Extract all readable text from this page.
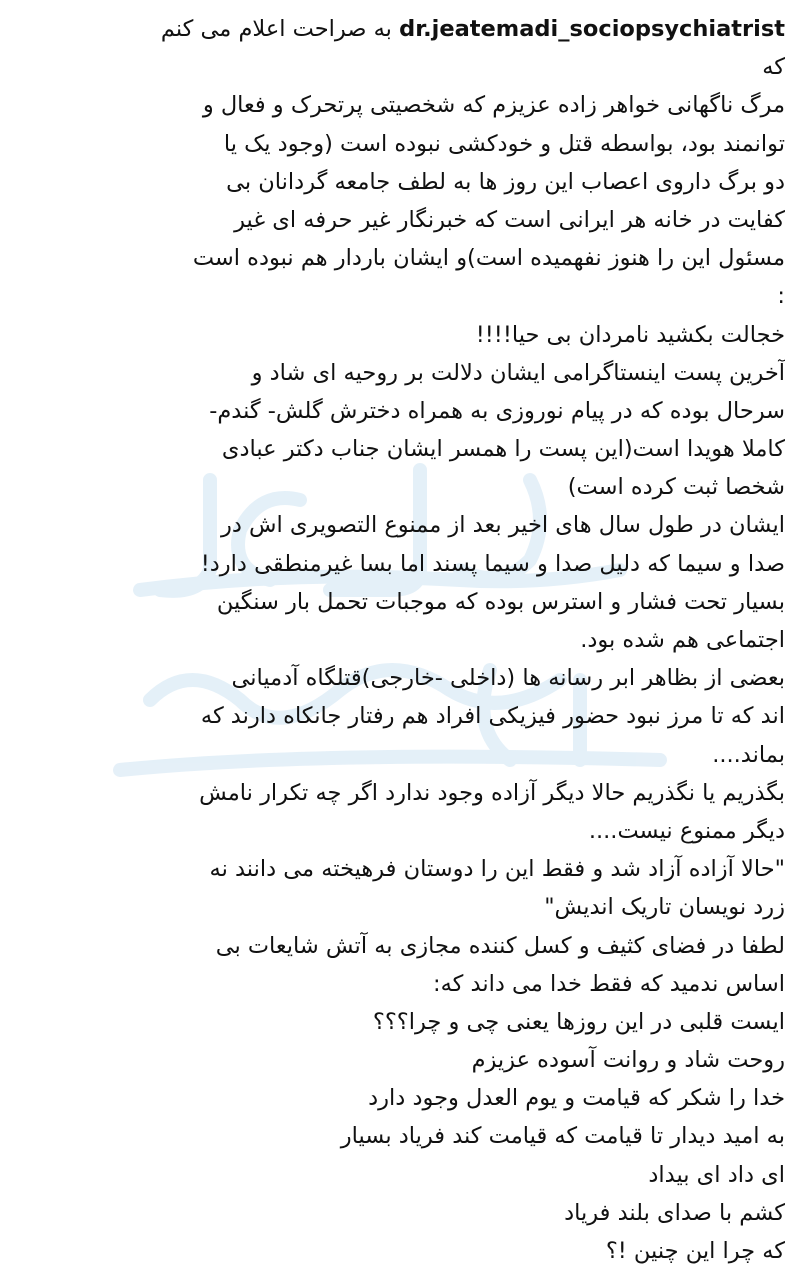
dr.jeatemadi_sociopsychiatrist به صراحت اعلام می کنم
که
مرگ ناگهانی خواهر زاده عزیزم که شخصیتی پرتحرک و فعال و
توانمند بود، بواسطه قتل و خودکشی نبوده است (وجود یک یا
دو برگ داروی اعصاب این روز ها به لطف جامعه گردانان بی
کفایت در خانه هر ایرانی است که خبرنگار غیر حرفه ای غیر
مسئول این را هنوز نفهمیده است)و ایشان باردار هم نبوده است
:
خجالت بکشید نامردان بی حیا!!!!
آخرین پست اینستاگرامی ایشان دلالت بر روحیه ای شاد و
سرحال بوده که در پیام نوروزی به همراه دخترش گلش- گندم-
کاملا هویدا است(این پست را همسر ایشان جناب دکتر عبادی
شخصا ثبت کرده است)
ایشان در طول سال های اخیر بعد از ممنوع التصویری اش در
صدا و سیما که دلیل صدا و سیما پسند اما بسا غیرمنطقی دارد!
بسیار تحت فشار و استرس بوده که موجبات تحمل بار سنگین
اجتماعی هم شده بود.
بعضی از بظاهر ابر رسانه ها (داخلی -خارجی)قتلگاه آدمیانی
اند که تا مرز نبود حضور فیزیکی افراد هم رفتار جانکاه دارند که
بماند....
بگذریم یا نگذریم حالا دیگر آزاده وجود ندارد اگر چه تکرار نامش
دیگر ممنوع نیست....
"حالا آزاده آزاد شد و فقط این را دوستان فرهیخته می دانند نه
زرد نویسان تاریک اندیش"
لطفا در فضای کثیف و کسل کننده مجازی به آتش شایعات بی
اساس ندمید که فقط خدا می داند که:
ایست قلبی در این روزها یعنی چی و چرا؟؟؟
روحت شاد و روانت آسوده عزیزم
خدا را شکر که قیامت و یوم العدل وجود دارد
به امید دیدار تا قیامت که قیامت کند فریاد بسیار
ای داد ای بیداد
کشم با صدای بلند فریاد
که چرا این چنین !؟
